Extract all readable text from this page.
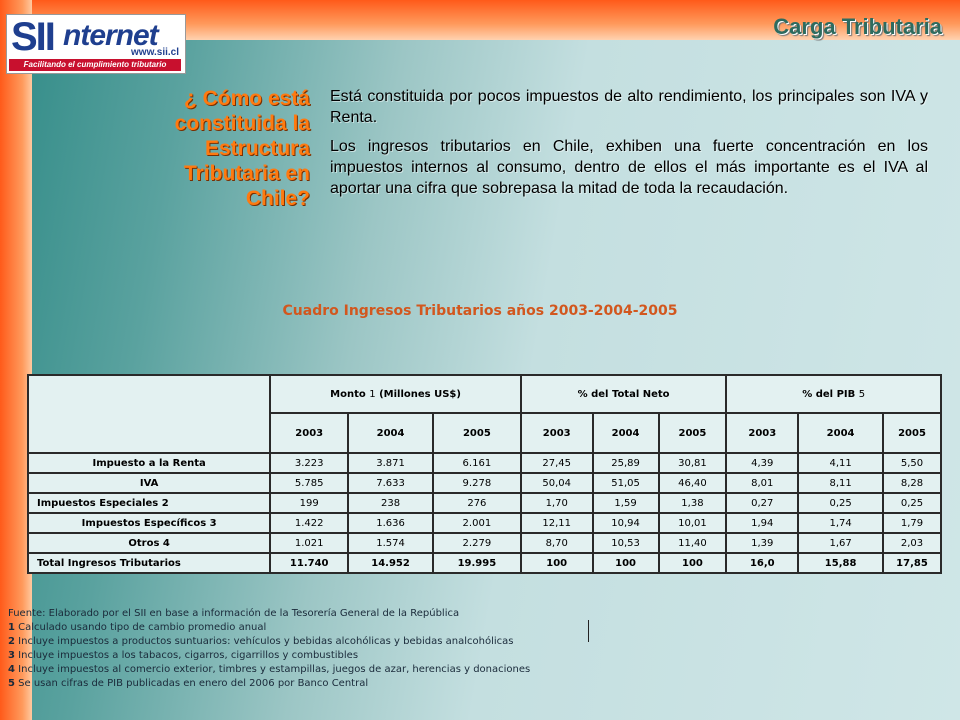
SII nternet
www.sii.cl
Facilitando el cumplimiento tributario
Carga Tributaria
¿ Cómo está constituida la Estructura Tributaria en Chile?

Está constituida por pocos impuestos de alto rendimiento, los principales son IVA y Renta.

Los ingresos tributarios en Chile, exhiben una fuerte concentración en los impuestos internos al consumo, dentro de ellos el más importante es el IVA al aportar una cifra que sobrepasa la mitad de toda la recaudación.

Cuadro Ingresos Tributarios años 2003-2004-2005
	Monto 1 (Millones US$)			% del Total Neto			% del PIB 5		
	2003	2004	2005	2003	2004	2005	2003	2004	2005
Impuesto a la Renta	3.223	3.871	6.161	27,45	25,89	30,81	4,39	4,11	5,50
IVA	5.785	7.633	9.278	50,04	51,05	46,40	8,01	8,11	8,28
Impuestos Especiales 2	199	238	276	1,70	1,59	1,38	0,27	0,25	0,25
Impuestos Específicos 3	1.422	1.636	2.001	12,11	10,94	10,01	1,94	1,74	1,79
Otros 4	1.021	1.574	2.279	8,70	10,53	11,40	1,39	1,67	2,03
Total Ingresos Tributarios	11.740	14.952	19.995	100	100	100	16,0	15,88	17,85
Fuente: Elaborado por el SII en base a información de la Tesorería General de la República
1 Calculado usando tipo de cambio promedio anual
2 Incluye impuestos a productos suntuarios: vehículos y bebidas alcohólicas y bebidas analcohólicas
3 Incluye impuestos a los tabacos, cigarros, cigarrillos y combustibles
4 Incluye impuestos al comercio exterior, timbres y estampillas, juegos de azar, herencias y donaciones
5 Se usan cifras de PIB publicadas en enero del 2006 por Banco Central
